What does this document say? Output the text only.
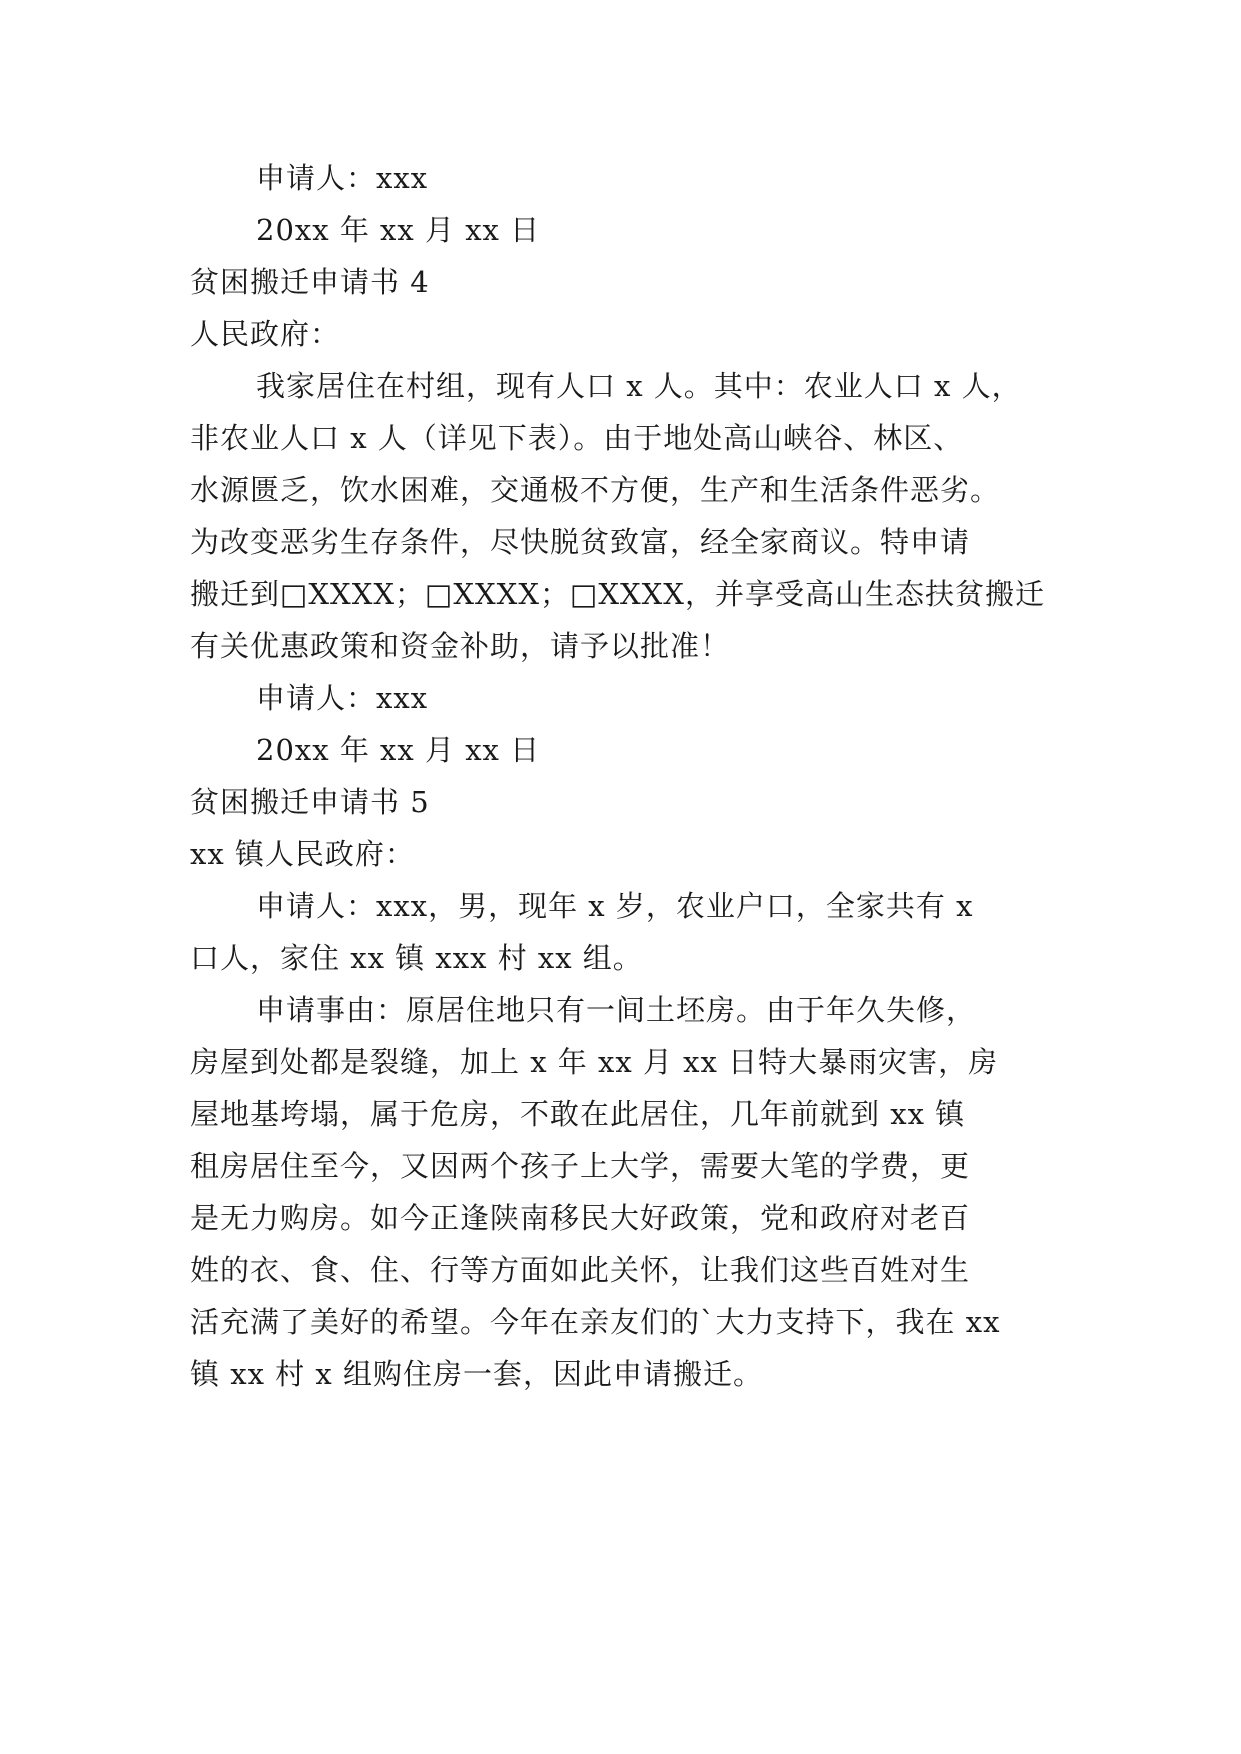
申请人：xxx
20xx 年 xx 月 xx 日
贫困搬迁申请书 4
人民政府：
我家居住在村组，现有人口 x 人。其中：农业人口 x 人，
非农业人口 x 人（详见下表）。由于地处高山峡谷、林区、
水源匮乏，饮水困难，交通极不方便，生产和生活条件恶劣。
为改变恶劣生存条件，尽快脱贫致富，经全家商议。特申请
搬迁到□XXXX；□XXXX；□XXXX，并享受高山生态扶贫搬迁
有关优惠政策和资金补助，请予以批准！
申请人：xxx
20xx 年 xx 月 xx 日
贫困搬迁申请书 5
xx 镇人民政府：
申请人：xxx，男，现年 x 岁，农业户口，全家共有 x
口人，家住 xx 镇 xxx 村 xx 组。
申请事由：原居住地只有一间土坯房。由于年久失修，
房屋到处都是裂缝，加上 x 年 xx 月 xx 日特大暴雨灾害，房
屋地基垮塌，属于危房，不敢在此居住，几年前就到 xx 镇
租房居住至今，又因两个孩子上大学，需要大笔的学费，更
是无力购房。如今正逢陕南移民大好政策，党和政府对老百
姓的衣、食、住、行等方面如此关怀，让我们这些百姓对生
活充满了美好的希望。今年在亲友们的`大力支持下，我在 xx
镇 xx 村 x 组购住房一套，因此申请搬迁。
